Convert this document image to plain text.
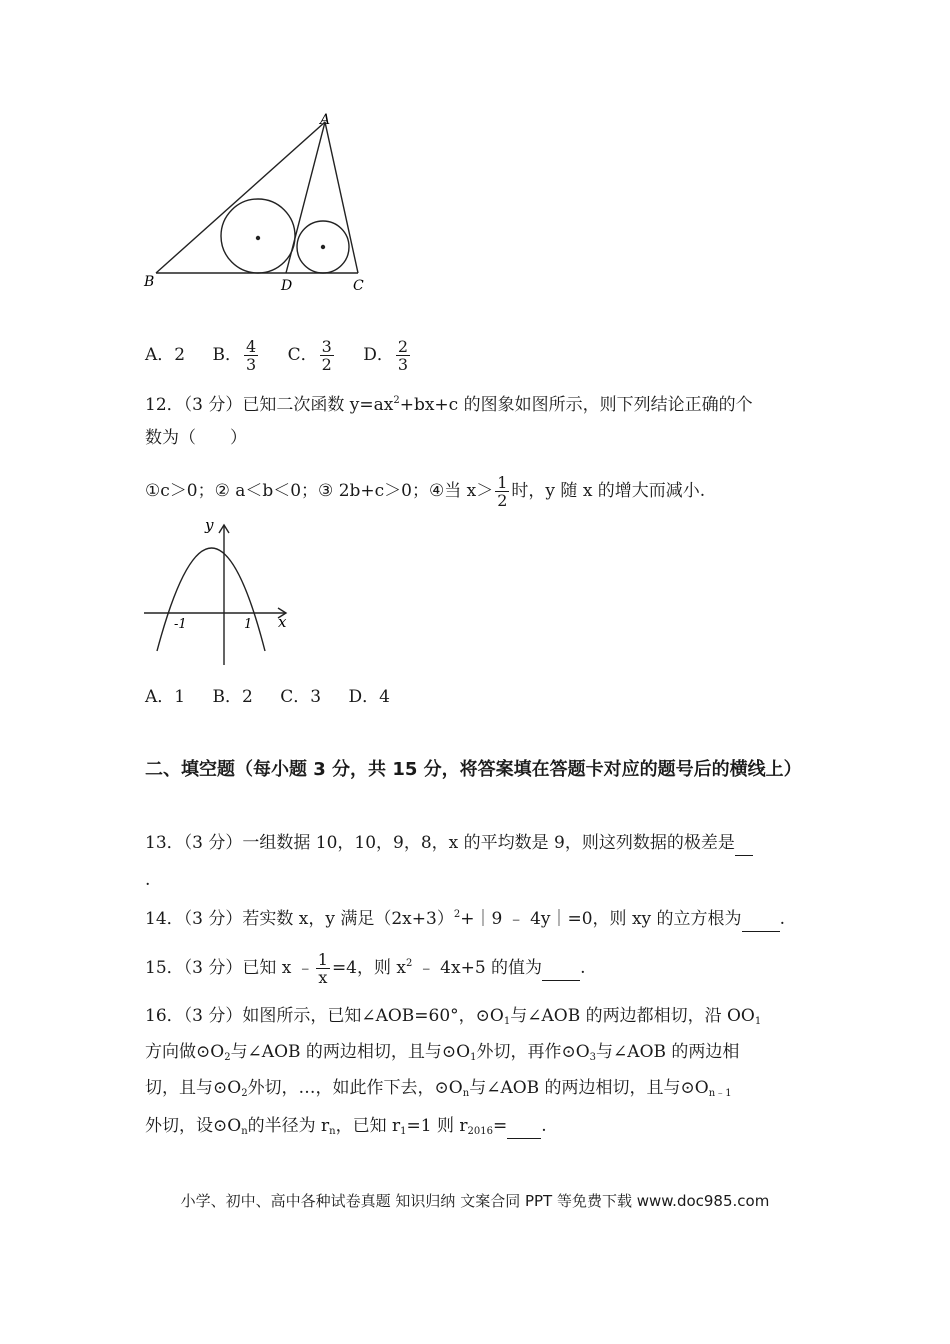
A
B	D	C
A．2 B． $\frac{4}{3}$ C． $\frac{3}{2}$ D． $\frac{2}{3}$
12．（3 分）已知二次函数 $y=ax^2+bx+c$ 的图象如图所示，则下列结论正确的个
数为（　　）
①c＞0；② a＜b＜0；③ 2b+c＞0；④当 $x> \frac{1}{2}$ 时，y 随 x 的增大而减小.
y
x
-1	1
A．1 B．2 C．3 D．4
二、填空题（每小题 3 分，共 15 分，将答案填在答题卡对应的题号后的横线上）
13．（3 分）一组数据 10，10，9，8，x 的平均数是 9，则这列数据的极差是
.
14．（3 分）若实数 x，y 满足$(2x+3)^2+|9$ ﹣ 4y｜=0，则 xy 的立方根为 .
15．（3 分）已知 x ﹣ $\frac{1}{x} =4$，则 $x^2$ ﹣ 4x+5 的值为 .
16．（3 分）如图所示，已知∠AOB=60°，$⊙O_1$与∠AOB 的两边都相切，沿 $OO_1$
方向做$⊙O_2$与∠AOB 的两边相切，且与$⊙O_1$外切，再作$⊙O_3$与∠AOB 的两边相
切，且与$⊙O_2$外切，…，如此作下去，$⊙O_n$与∠AOB 的两边相切，且与$⊙O_{n﹣1}$
外切，设$⊙O_n$的半径为 $r_n$，已知 $r_1=1$ 则 $r_{2016}=$ .
小学、初中、高中各种试卷真题 知识归纳 文案合同 PPT 等免费下载 www.doc985.com
